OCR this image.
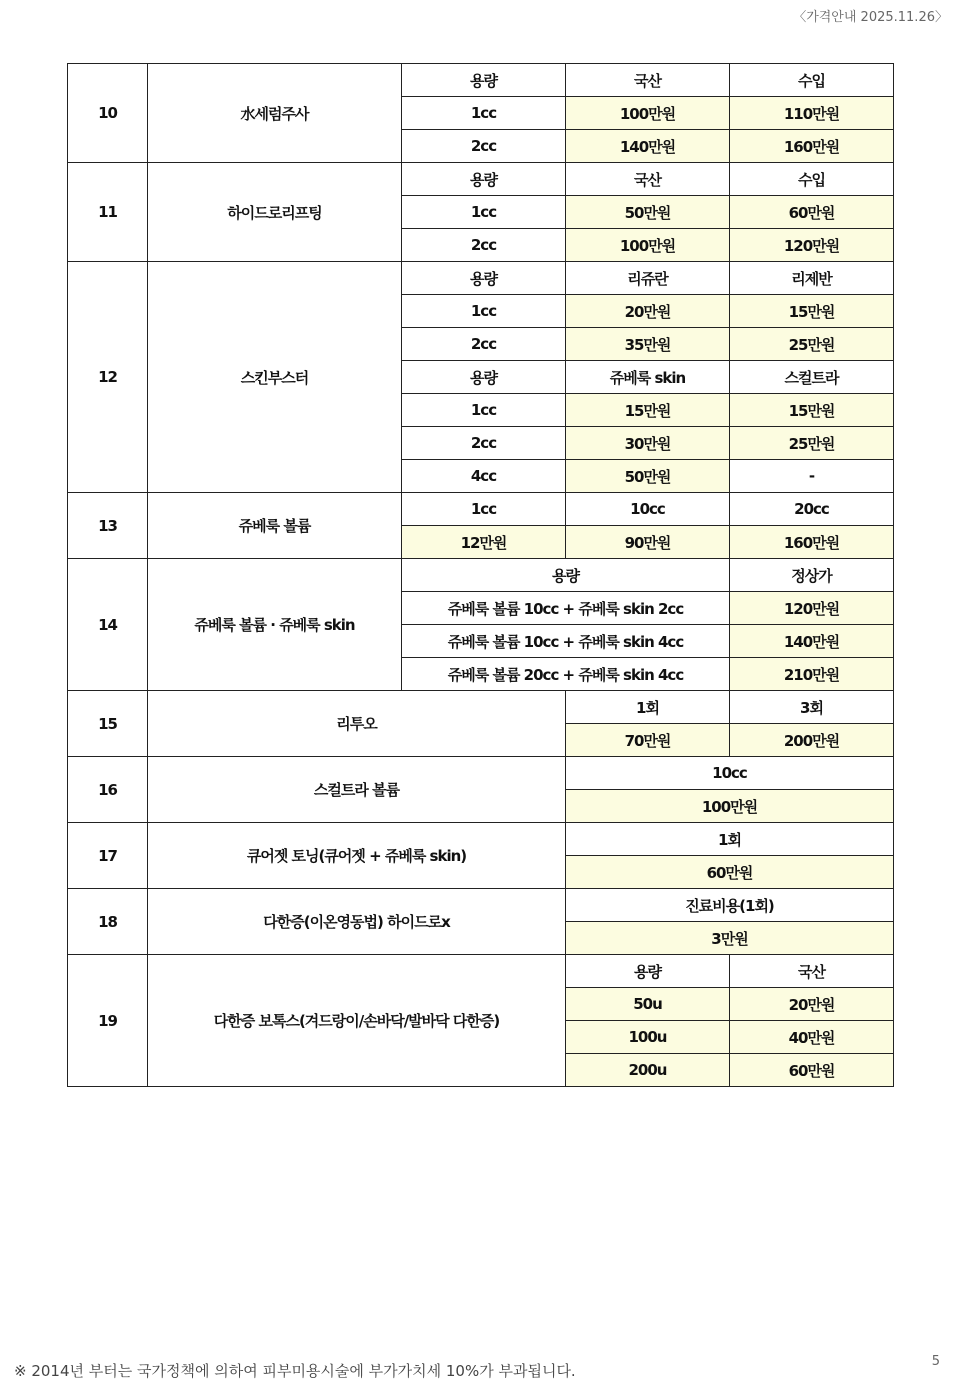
〈가격안내 2025.11.26〉
10	水세럼주사	용량	국산	수입
		1cc	100만원	110만원
		2cc	140만원	160만원
11	하이드로리프팅	용량	국산	수입
		1cc	50만원	60만원
		2cc	100만원	120만원
12	스킨부스터	용량	리쥬란	리제반
		1cc	20만원	15만원
		2cc	35만원	25만원
		용량	쥬베룩 skin	스컬트라
		1cc	15만원	15만원
		2cc	30만원	25만원
		4cc	50만원	-
13	쥬베룩 볼륨	1cc	10cc	20cc
		12만원	90만원	160만원
14	쥬베룩 볼륨 · 쥬베룩 skin	용량		정상가
		쥬베룩 볼륨 10cc + 쥬베룩 skin 2cc		120만원
		쥬베룩 볼륨 10cc + 쥬베룩 skin 4cc		140만원
		쥬베룩 볼륨 20cc + 쥬베룩 skin 4cc		210만원
15	리투오		1회	3회
			70만원	200만원
16	스컬트라 볼륨		10cc	
			100만원	
17	큐어젯 토닝(큐어젯 + 쥬베룩 skin)		1회	
			60만원	
18	다한증(이온영동법) 하이드로x		진료비용(1회)	
			3만원	
19	다한증 보톡스(겨드랑이/손바닥/발바닥 다한증)		용량	국산
			50u	20만원
			100u	40만원
			200u	60만원
5
※ 2014년 부터는 국가정책에 의하여 피부미용시술에 부가가치세 10%가 부과됩니다.
